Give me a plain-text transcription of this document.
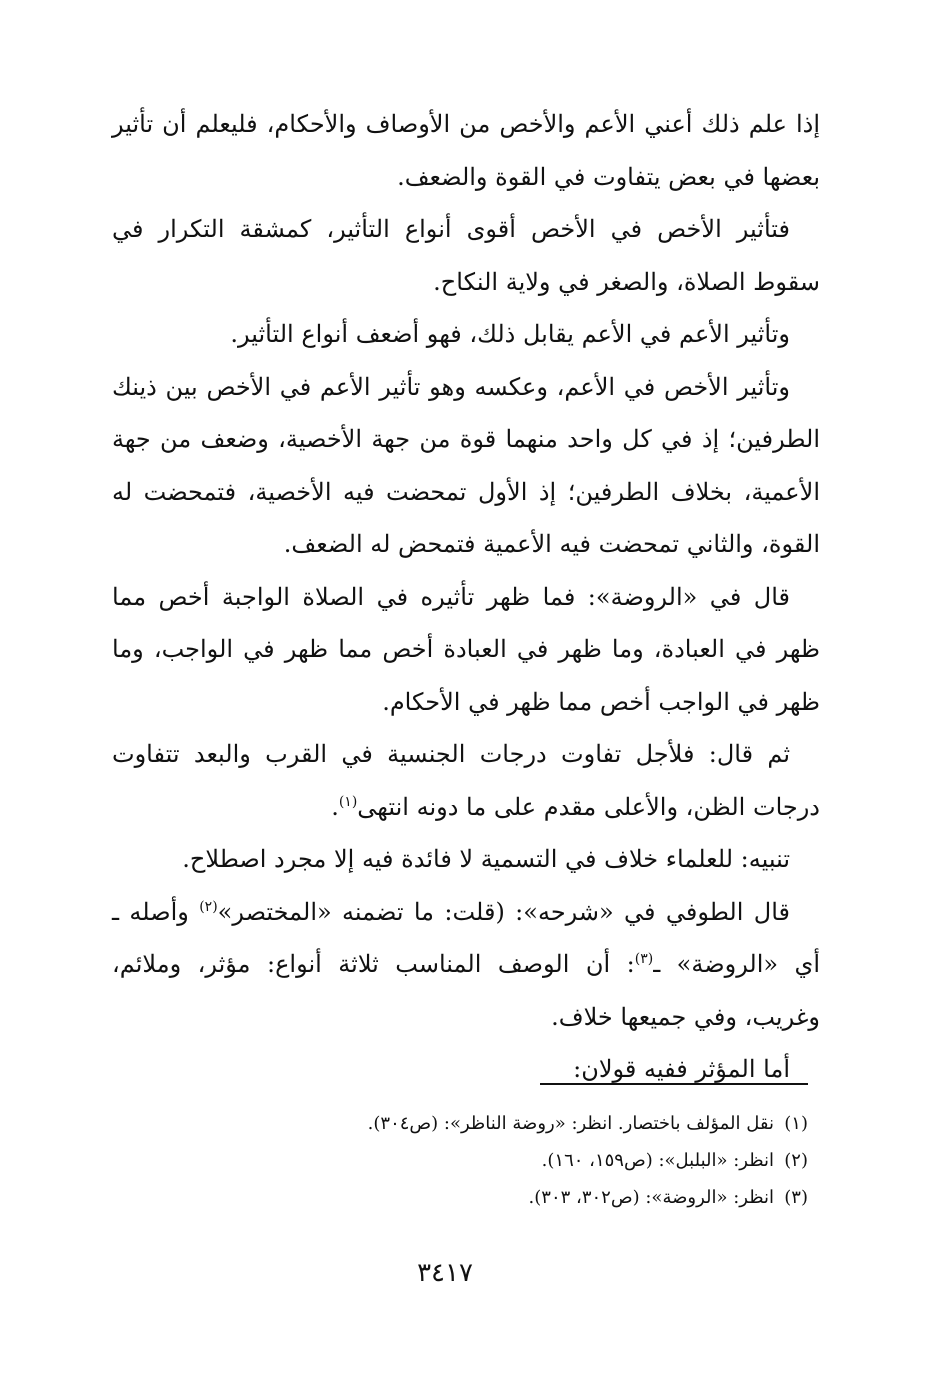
إذا علم ذلك أعني الأعم والأخص من الأوصاف والأحكام، فليعلم أن تأثير بعضها في بعض يتفاوت في القوة والضعف.

فتأثير الأخص في الأخص أقوى أنواع التأثير، كمشقة التكرار في سقوط الصلاة، والصغر في ولاية النكاح.

وتأثير الأعم في الأعم يقابل ذلك، فهو أضعف أنواع التأثير.

وتأثير الأخص في الأعم، وعكسه وهو تأثير الأعم في الأخص بين ذينك الطرفين؛ إذ في كل واحد منهما قوة من جهة الأخصية، وضعف من جهة الأعمية، بخلاف الطرفين؛ إذ الأول تمحضت فيه الأخصية، فتمحضت له القوة، والثاني تمحضت فيه الأعمية فتمحض له الضعف.

قال في «الروضة»: فما ظهر تأثيره في الصلاة الواجبة أخص مما ظهر في العبادة، وما ظهر في العبادة أخص مما ظهر في الواجب، وما ظهر في الواجب أخص مما ظهر في الأحكام.

ثم قال: فلأجل تفاوت درجات الجنسية في القرب والبعد تتفاوت درجات الظن، والأعلى مقدم على ما دونه انتهى$^{(١)}$.

تنبيه: للعلماء خلاف في التسمية لا فائدة فيه إلا مجرد اصطلاح.

قال الطوفي في «شرحه»: (قلت: ما تضمنه «المختصر»$^{(٢)}$ وأصله ـ أي «الروضة» ـ$^{(٣)}$: أن الوصف المناسب ثلاثة أنواع: مؤثر، وملائم، وغريب، وفي جميعها خلاف.

أما المؤثر ففيه قولان:

(١)نقل المؤلف باختصار. انظر: «روضة الناظر»: (ص٣٠٤).
(٢)انظر: «البلبل»: (ص١٥٩، ١٦٠).
(٣)انظر: «الروضة»: (ص٣٠٢، ٣٠٣).
٣٤١٧
